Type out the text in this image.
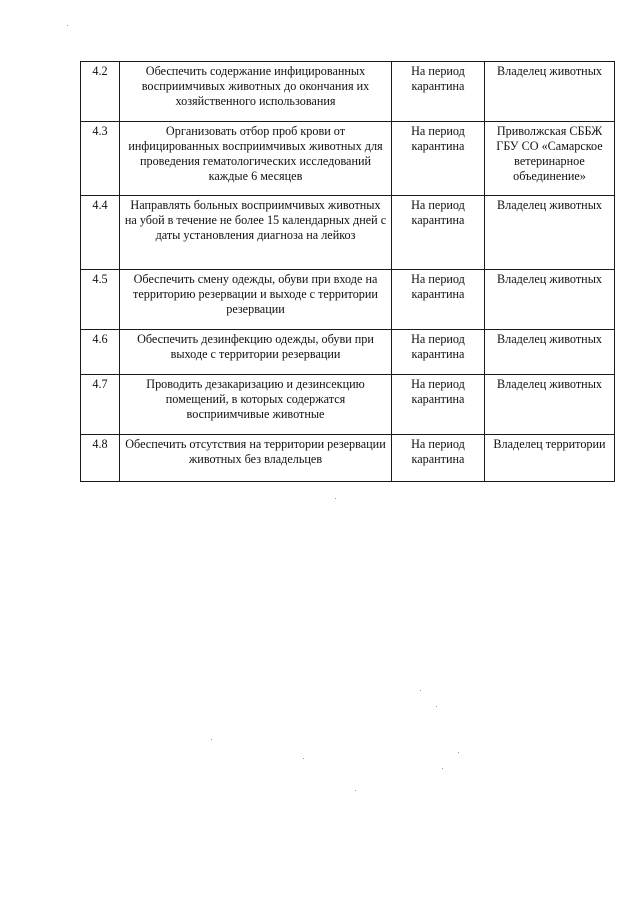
4.2	Обеспечить содержание инфицированных восприимчивых животных до окончания их хозяйственного использования	На период карантина	Владелец животных
4.3	Организовать отбор проб крови от инфицированных восприимчивых животных для проведения гематологических исследований каждые 6 месяцев	На период карантина	Приволжская СББЖ ГБУ СО «Самарское ветеринарное объединение»
4.4	Направлять больных восприимчивых животных на убой в течение не более 15 календарных дней с даты установления диагноза на лейкоз	На период карантина	Владелец животных
4.5	Обеспечить смену одежды, обуви при входе на территорию резервации и выходе с территории резервации	На период карантина	Владелец животных
4.6	Обеспечить дезинфекцию одежды, обуви при выходе с территории резервации	На период карантина	Владелец животных
4.7	Проводить дезакаризацию и дезинсекцию помещений, в которых содержатся восприимчивые животные	На период карантина	Владелец животных
4.8	Обеспечить отсутствия на территории резервации животных без владельцев	На период карантина	Владелец территории
